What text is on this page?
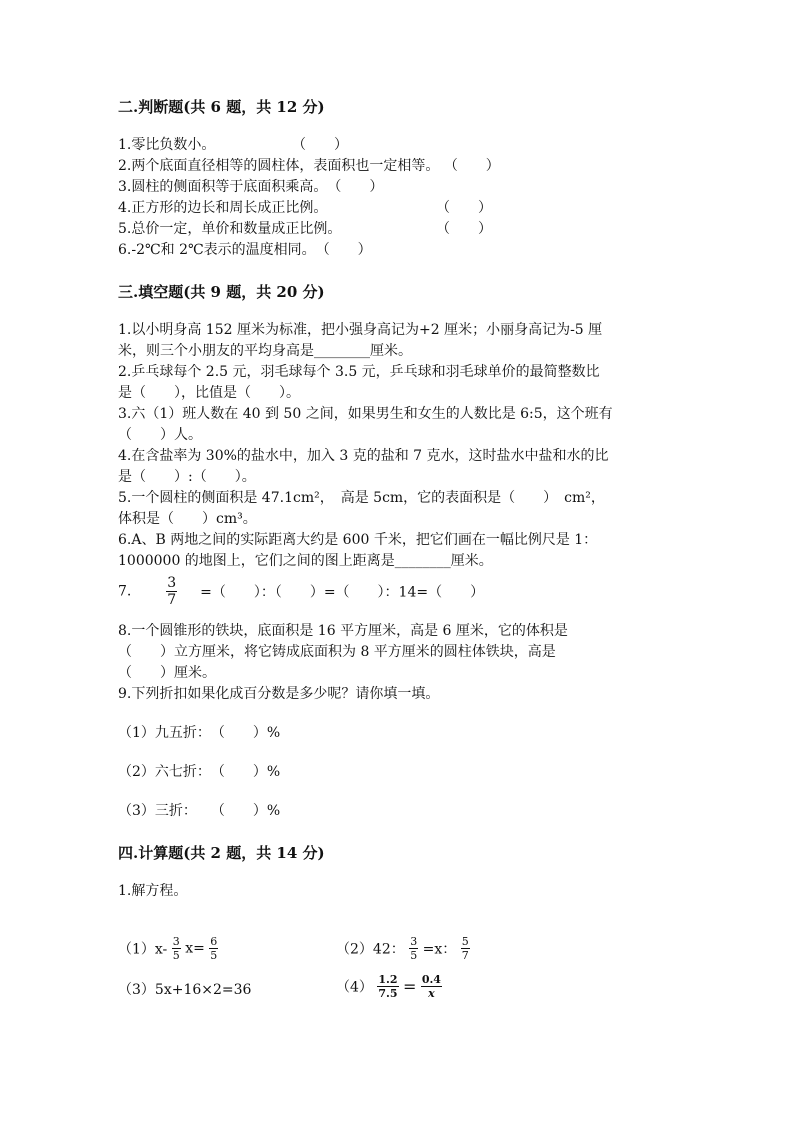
二.判断题(共 6 题，共 12 分)
1.零比负数小。	（　　）
2.两个底面直径相等的圆柱体，表面积也一定相等。 （　　）
3.圆柱的侧面积等于底面积乘高。　 （　　）
4.正方形的边长和周长成正比例。	（　　）
5.总价一定，单价和数量成正比例。	（　　）
6.-2℃和 2℃表示的温度相同。　 （　　）
三.填空题(共 9 题，共 20 分)
1.以小明身高 152 厘米为标准，把小强身高记为+2 厘米；小丽身高记为-5 厘
米，则三个小朋友的平均身高是________厘米。
2.乒乓球每个 2.5 元，羽毛球每个 3.5 元，乒乓球和羽毛球单价的最简整数比
是（　　），比值是（　　）。
3.六（1）班人数在 40 到 50 之间，如果男生和女生的人数比是 6:5，这个班有
（　　）人。
4.在含盐率为 30%的盐水中，加入 3 克的盐和 7 克水，这时盐水中盐和水的比
是（　　）:（　　）。
5.一个圆柱的侧面积是 47.1cm²，　高是 5cm，它的表面积是（　　）　cm²，
体积是（　　）cm³。
6.A、B 两地之间的实际距离大约是 600 千米，把它们画在一幅比例尺是 1：
1000000 的地图上，它们之间的图上距离是________厘米。
7. $\frac{3}{7}$ =（　　）：（　　）=（　　）：14=（　　）
8.一个圆锥形的铁块，底面积是 16 平方厘米，高是 6 厘米，它的体积是
（　　）立方厘米，将它铸成底面积为 8 平方厘米的圆柱体铁块，高是
（　　）厘米。
9.下列折扣如果化成百分数是多少呢？请你填一填。
（1）九五折：　 （　　）%
（2）六七折：　 （　　）%
（3）三折：　　 （　　）%
四.计算题(共 2 题，共 14 分)
1.解方程。
$(1)x- \frac{3}{5} x= \frac{6}{5}$	（2）42： $\frac{3}{5} =x$： $\frac{5}{7}$
（3）5x+16×2=36	$(4) \frac{1.2}{7.5} = \frac{0.4}{x}$
